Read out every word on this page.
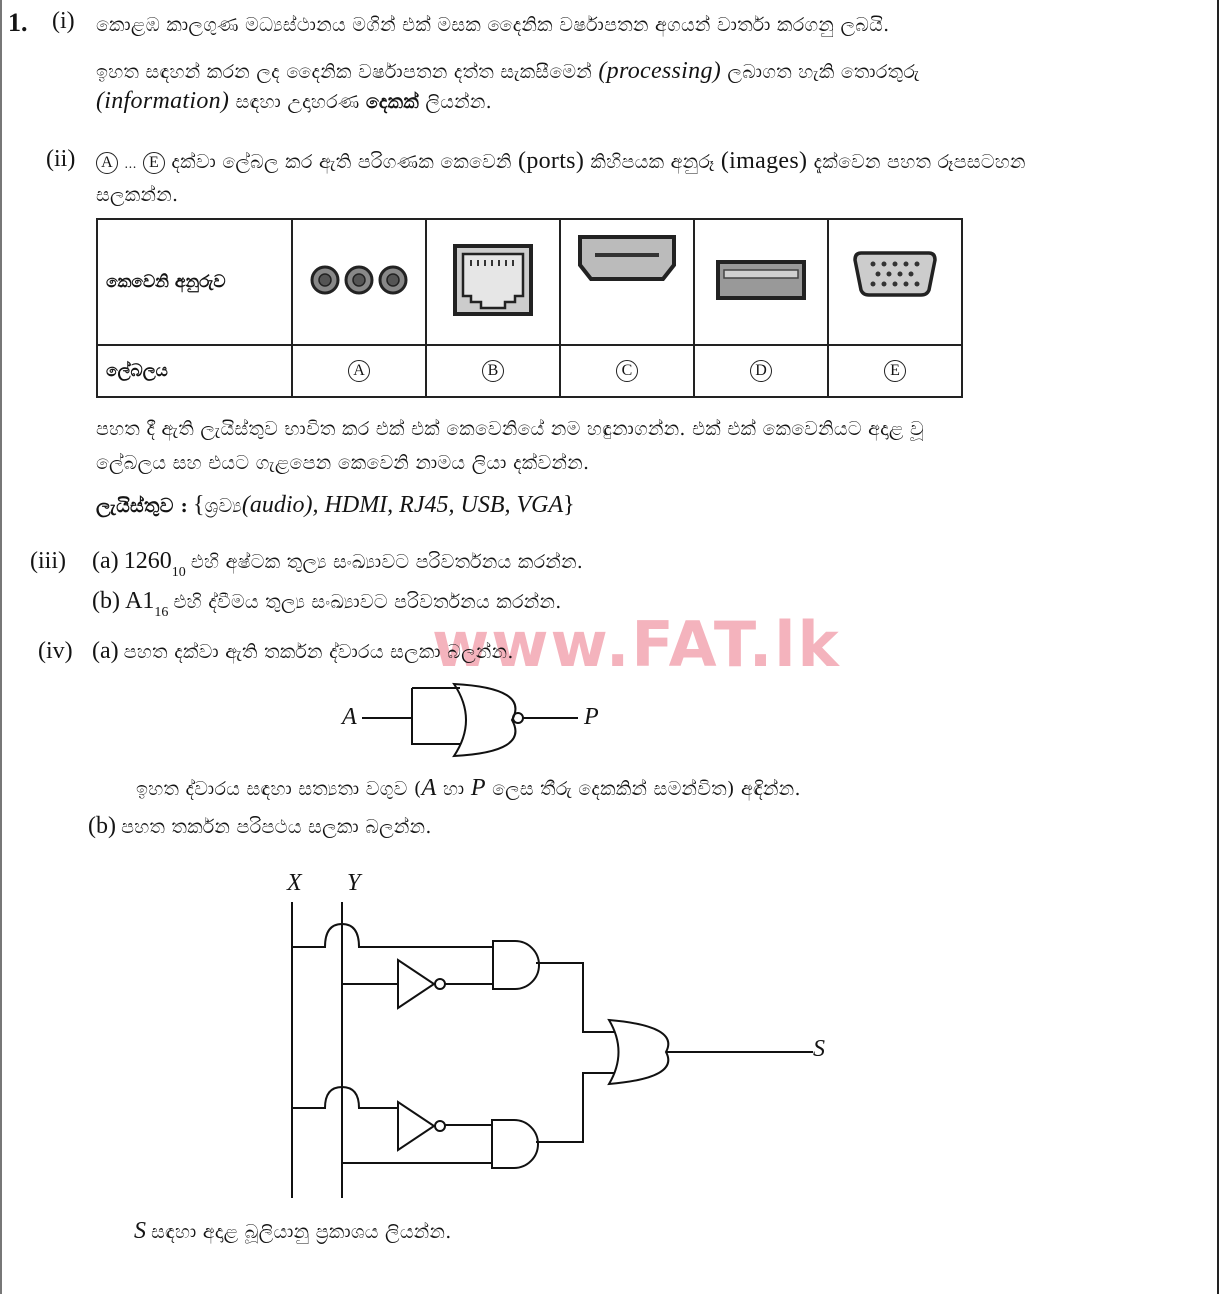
1. (i) කොළඹ කාලගුණ මධ්‍යස්ථානය මගින් එක් මසක දෛනික වර්ෂාපතන අගයන් වාර්තා කරගනු ලබයි.
ඉහත සඳහන් කරන ලද දෛනික වර්ෂාපතන දත්ත සැකසීමෙන් (processing) ලබාගත හැකි තොරතුරු
(information) සඳහා උදාහරණ දෙකක් ලියන්න.
(ii)	A ... E දක්වා ලේබල කර ඇති පරිගණක කෙවෙනි (ports) කිහිපයක අනුරූ (images) දැක්වෙන පහත රූපසටහන
සලකන්න.
කෙවෙනි අනුරුව					
ලේබලය	A	B	C	D	E
පහත දී ඇති ලැයිස්තුව භාවිත කර එක් එක් කෙවෙනියේ නම හඳුනාගන්න. එක් එක් කෙවෙනියට අදාළ වූ
ලේබලය සහ එයට ගැළපෙන කෙවෙනි නාමය ලියා දක්වන්න.
ලැයිස්තුව : {ශ්‍රව්‍ය(audio), HDMI, RJ45, USB, VGA}
(iii) (a) 126010 එහි අෂ්ටක තුල්‍ය සංඛ්‍යාවට පරිවර්තනය කරන්න.
(b) A116 එහි ද්වීමය තුල්‍ය සංඛ්‍යාවට පරිවර්තනය කරන්න.
www.FAT.lk
(iv) (a) පහත දක්වා ඇති තර්කන ද්වාරය සලකා බලන්න.
A	P
ඉහත ද්වාරය සඳහා සත්‍යතා වගුව (A හා P ලෙස තීරු දෙකකින් සමන්විත) අඳින්න.
(b) පහත තර්කන පරිපථය සලකා බලන්න.
X Y
S
S සඳහා අදාළ බූලියානු ප්‍රකාශය ලියන්න.
